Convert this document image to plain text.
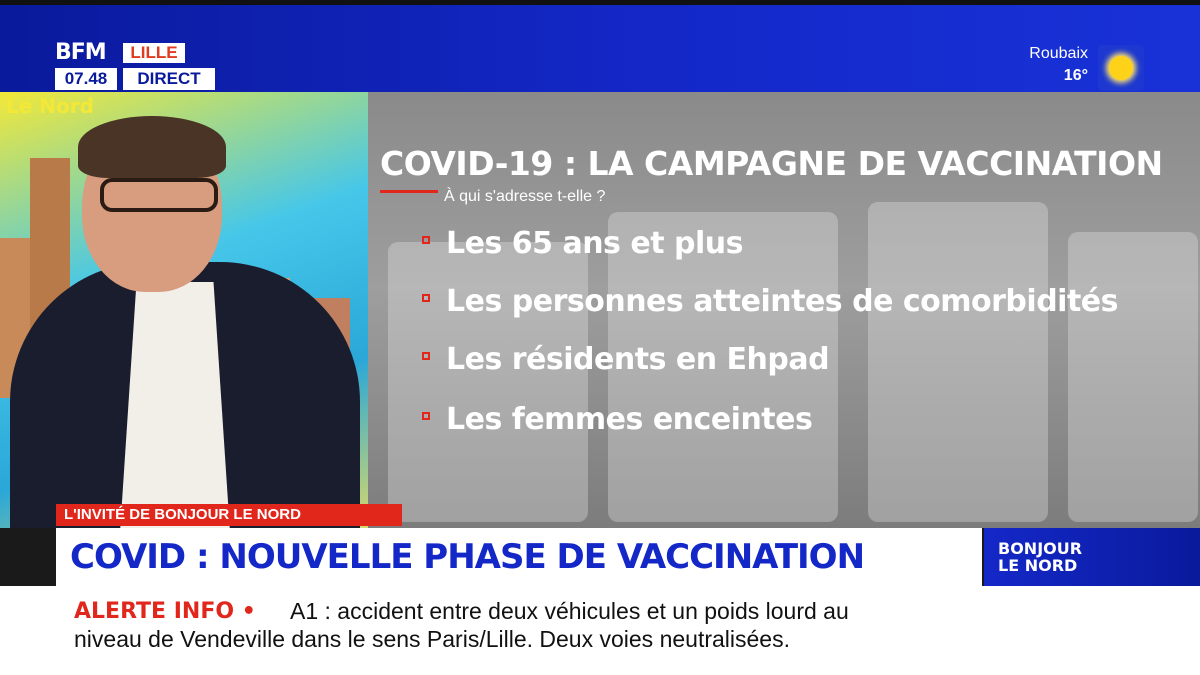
BFM	LILLE
07.48	DIRECT
Roubaix
16°
Le Nord
COVID-19 : LA CAMPAGNE DE VACCINATION
À qui s'adresse t-elle ?
Les 65 ans et plus
Les personnes atteintes de comorbidités
Les résidents en Ehpad
Les femmes enceintes
L'INVITÉ DE BONJOUR LE NORD
COVID : NOUVELLE PHASE DE VACCINATION	BONJOUR
LE NORD
ALERTE INFO • A1 : accident entre deux véhicules et un poids lourd au
niveau de Vendeville dans le sens Paris/Lille. Deux voies neutralisées.
